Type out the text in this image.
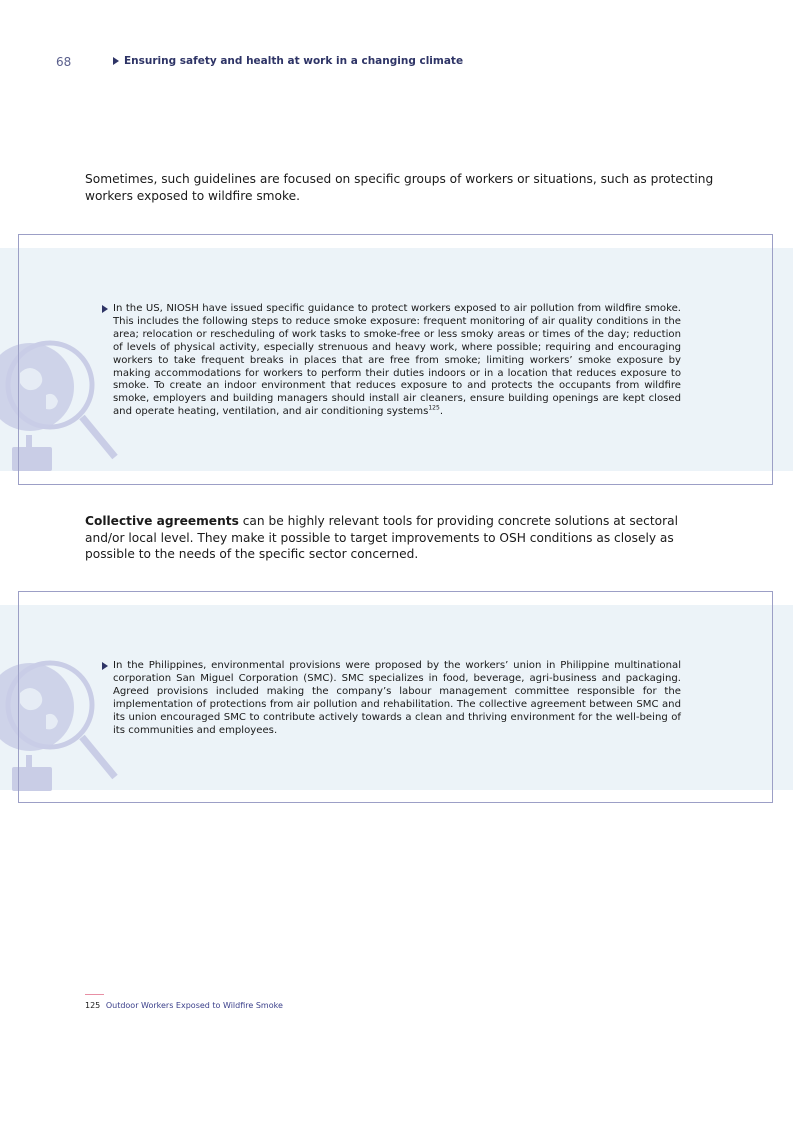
68	Ensuring safety and health at work in a changing climate
Sometimes, such guidelines are focused on specific groups of workers or situations, such as protecting workers exposed to wildfire smoke.
In the US, NIOSH have issued specific guidance to protect workers exposed to air pollution from wildfire smoke. This includes the following steps to reduce smoke exposure: frequent monitoring of air quality conditions in the area; relocation or rescheduling of work tasks to smoke-free or less smoky areas or times of the day; reduction of levels of physical activity, especially strenuous and heavy work, where possible; requiring and encouraging workers to take frequent breaks in places that are free from smoke; limiting workers’ smoke exposure by making accommodations for workers to perform their duties indoors or in a location that reduces exposure to smoke. To create an indoor environment that reduces exposure to and protects the occupants from wildfire smoke, employers and building managers should install air cleaners, ensure building openings are kept closed and operate heating, ventilation, and air conditioning systems$^{125}$.
Collective agreements can be highly relevant tools for providing concrete solutions at sectoral and/or local level. They make it possible to target improvements to OSH conditions as closely as possible to the needs of the specific sector concerned.
In the Philippines, environmental provisions were proposed by the workers’ union in Philippine multinational corporation San Miguel Corporation (SMC). SMC specializes in food, beverage, agri-business and packaging. Agreed provisions included making the company’s labour management committee responsible for the implementation of protections from air pollution and rehabilitation. The collective agreement between SMC and its union encouraged SMC to contribute actively towards a clean and thriving environment for the well-being of its communities and employees.
125 Outdoor Workers Exposed to Wildfire Smoke
